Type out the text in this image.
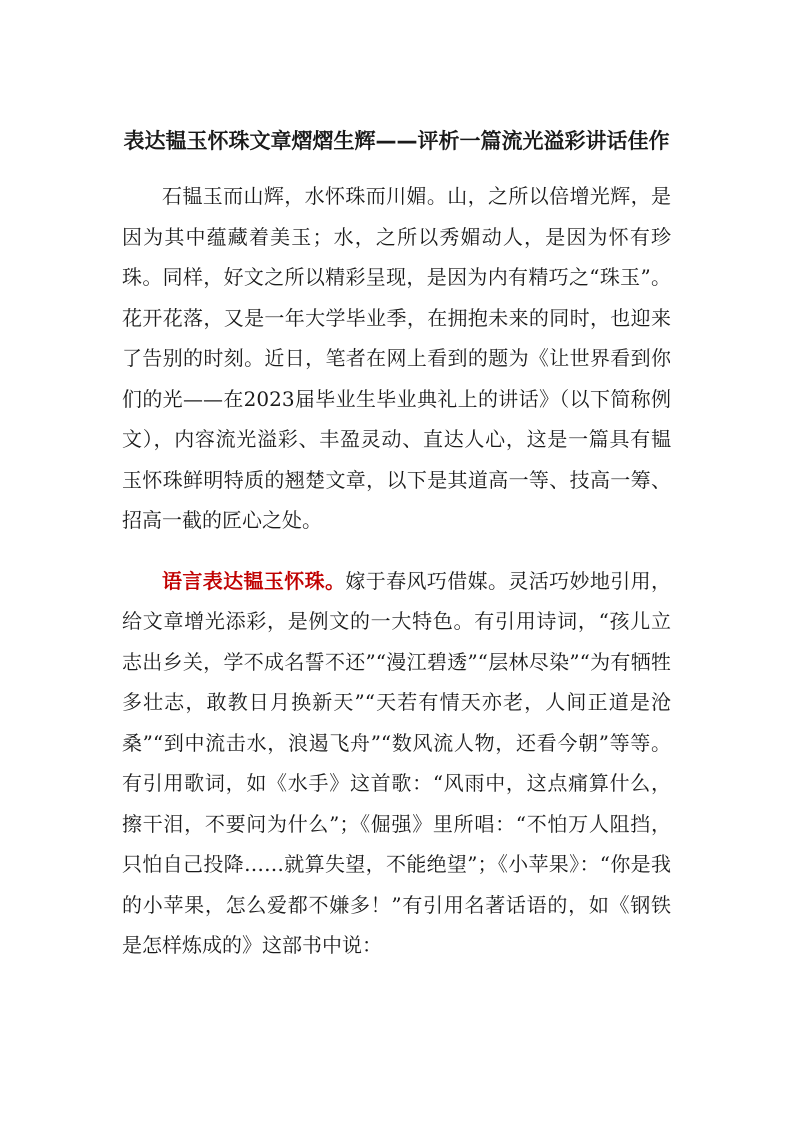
表达韫玉怀珠文章熠熠生辉——评析一篇流光溢彩讲话佳作

石韫玉而山辉，水怀珠而川媚。山，之所以倍增光辉，是因为其中蕴藏着美玉；水，之所以秀媚动人，是因为怀有珍珠。同样，好文之所以精彩呈现，是因为内有精巧之“珠玉”。花开花落，又是一年大学毕业季，在拥抱未来的同时，也迎来了告别的时刻。近日，笔者在网上看到的题为《让世界看到你们的光——在2023届毕业生毕业典礼上的讲话》（以下简称例文），内容流光溢彩、丰盈灵动、直达人心，这是一篇具有韫玉怀珠鲜明特质的翘楚文章，以下是其道高一等、技高一筹、招高一截的匠心之处。

语言表达韫玉怀珠。嫁于春风巧借媒。灵活巧妙地引用，给文章增光添彩，是例文的一大特色。有引用诗词，“孩儿立志出乡关，学不成名誓不还”“漫江碧透”“层林尽染”“为有牺牲多壮志，敢教日月换新天”“天若有情天亦老，人间正道是沧桑”“到中流击水，浪遏飞舟”“数风流人物，还看今朝”等等。有引用歌词，如《水手》这首歌：“风雨中，这点痛算什么，擦干泪，不要问为什么”；《倔强》里所唱：“不怕万人阻挡，只怕自己投降……就算失望，不能绝望”；《小苹果》：“你是我的小苹果，怎么爱都不嫌多！”有引用名著话语的，如《钢铁是怎样炼成的》这部书中说：
